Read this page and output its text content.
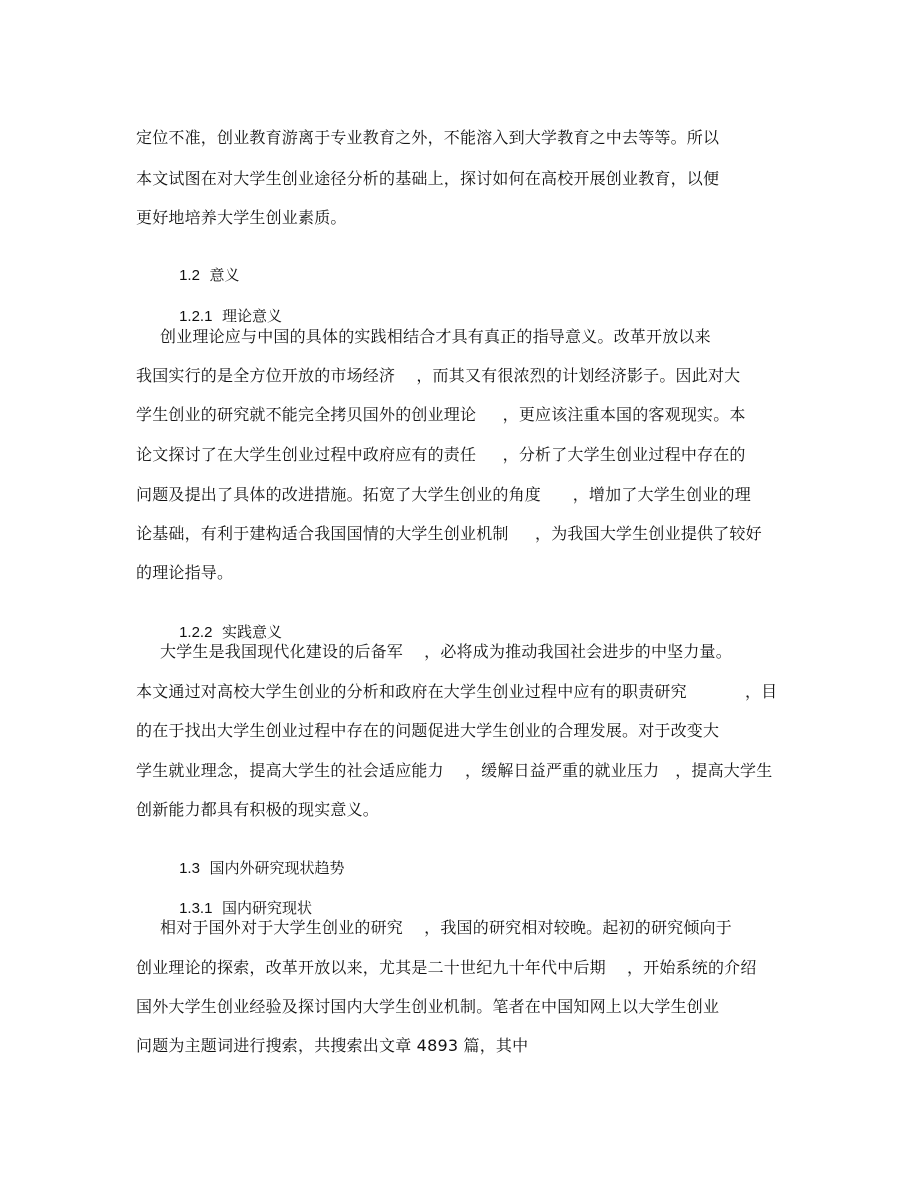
定位不准，创业教育游离于专业教育之外，不能溶入到大学教育之中去等等。所以
本文试图在对大学生创业途径分析的基础上，探讨如何在高校开展创业教育，以便
更好地培养大学生创业素质。

1.2 意义

1.2.1 理论意义

创业理论应与中国的具体的实践相结合才具有真正的指导意义。改革开放以来
我国实行的是全方位开放的市场经济    ，而其又有很浓烈的计划经济影子。因此对大
学生创业的研究就不能完全拷贝国外的创业理论     ，更应该注重本国的客观现实。本
论文探讨了在大学生创业过程中政府应有的责任     ，分析了大学生创业过程中存在的
问题及提出了具体的改进措施。拓宽了大学生创业的角度      ，增加了大学生创业的理
论基础，有利于建构适合我国国情的大学生创业机制     ，为我国大学生创业提供了较好
的理论指导。

1.2.2 实践意义

大学生是我国现代化建设的后备军    ，必将成为推动我国社会进步的中坚力量。
本文通过对高校大学生创业的分析和政府在大学生创业过程中应有的职责研究           ，目
的在于找出大学生创业过程中存在的问题促进大学生创业的合理发展。对于改变大
学生就业理念，提高大学生的社会适应能力    ，缓解日益严重的就业压力   ，提高大学生
创新能力都具有积极的现实意义。

1.3 国内外研究现状趋势

1.3.1 国内研究现状

相对于国外对于大学生创业的研究    ，我国的研究相对较晚。起初的研究倾向于
创业理论的探索，改革开放以来，尤其是二十世纪九十年代中后期    ，开始系统的介绍
国外大学生创业经验及探讨国内大学生创业机制。笔者在中国知网上以大学生创业
问题为主题词进行搜索，共搜索出文章 4893 篇，其中
